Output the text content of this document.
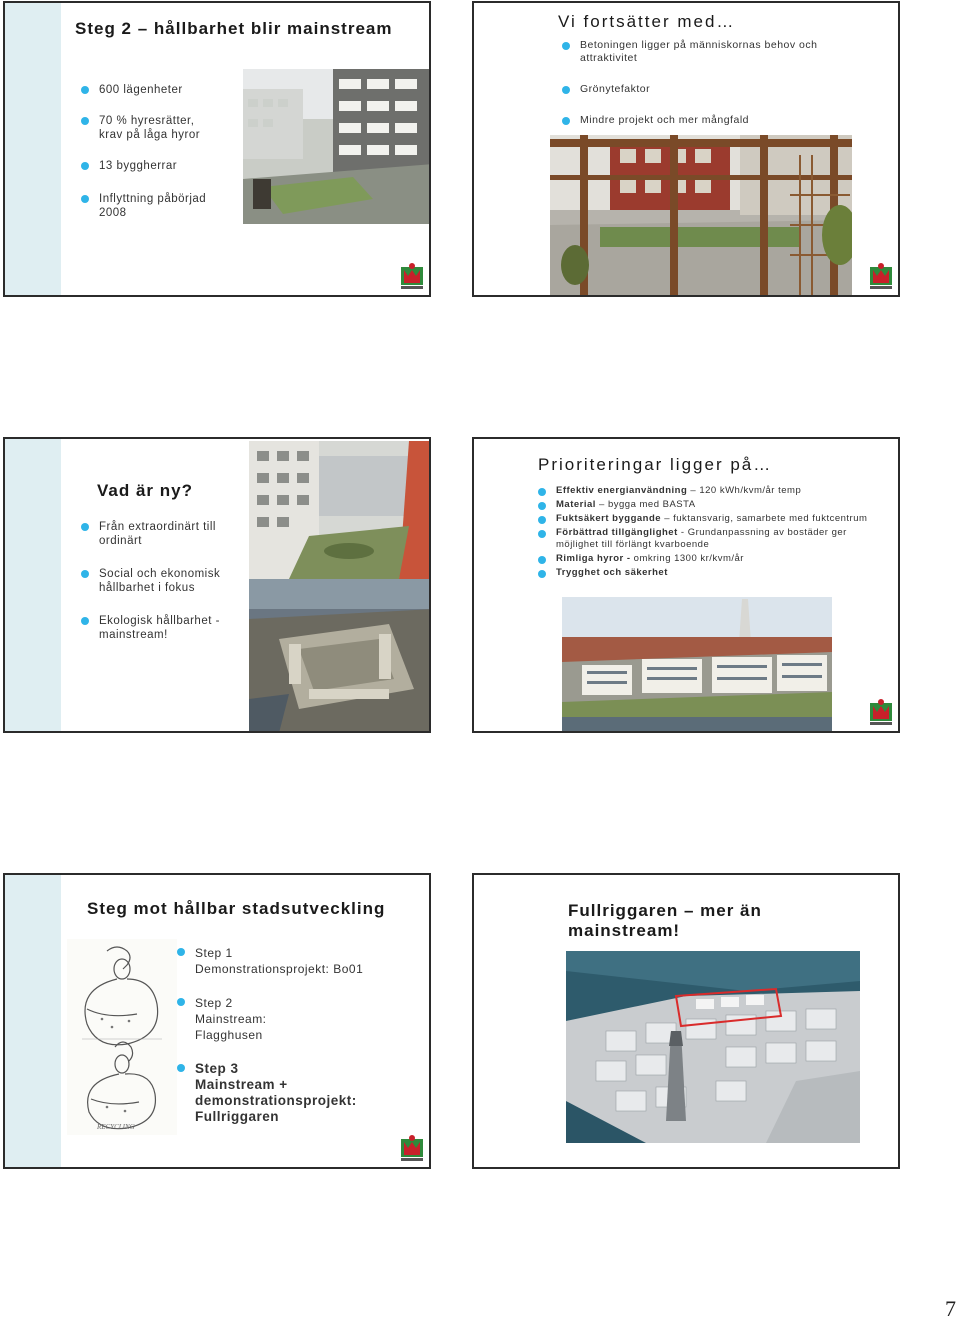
Steg 2 – hållbarhet blir mainstream
600 lägenheter
70 % hyresrätter,
krav på låga hyror
13 byggherrar
Inflyttning påbörjad
2008
Vi fortsätter med…
Betoningen ligger på människornas behov och attraktivitet
Grönytefaktor
Mindre projekt och mer mångfald
Vad är ny?
Från extraordinärt till ordinärt
Social och ekonomisk hållbarhet i fokus
Ekologisk hållbarhet - mainstream!
Prioriteringar ligger på…
Effektiv energianvändning – 120 kWh/kvm/år temp
Material – bygga med BASTA
Fuktsäkert byggande – fuktansvarig, samarbete med fuktcentrum
Förbättrad tillgänglighet - Grundanpassning av bostäder ger möjlighet till förlängt kvarboende
Rimliga hyror - omkring 1300 kr/kvm/år
Trygghet och säkerhet
Steg mot hållbar stadsutveckling
RECYCLING
Step 1
Demonstrationsprojekt: Bo01
Step 2
Mainstream:
Flagghusen
Step 3
Mainstream +
demonstrationsprojekt:
Fullriggaren
Fullriggaren – mer än
mainstream!
7
